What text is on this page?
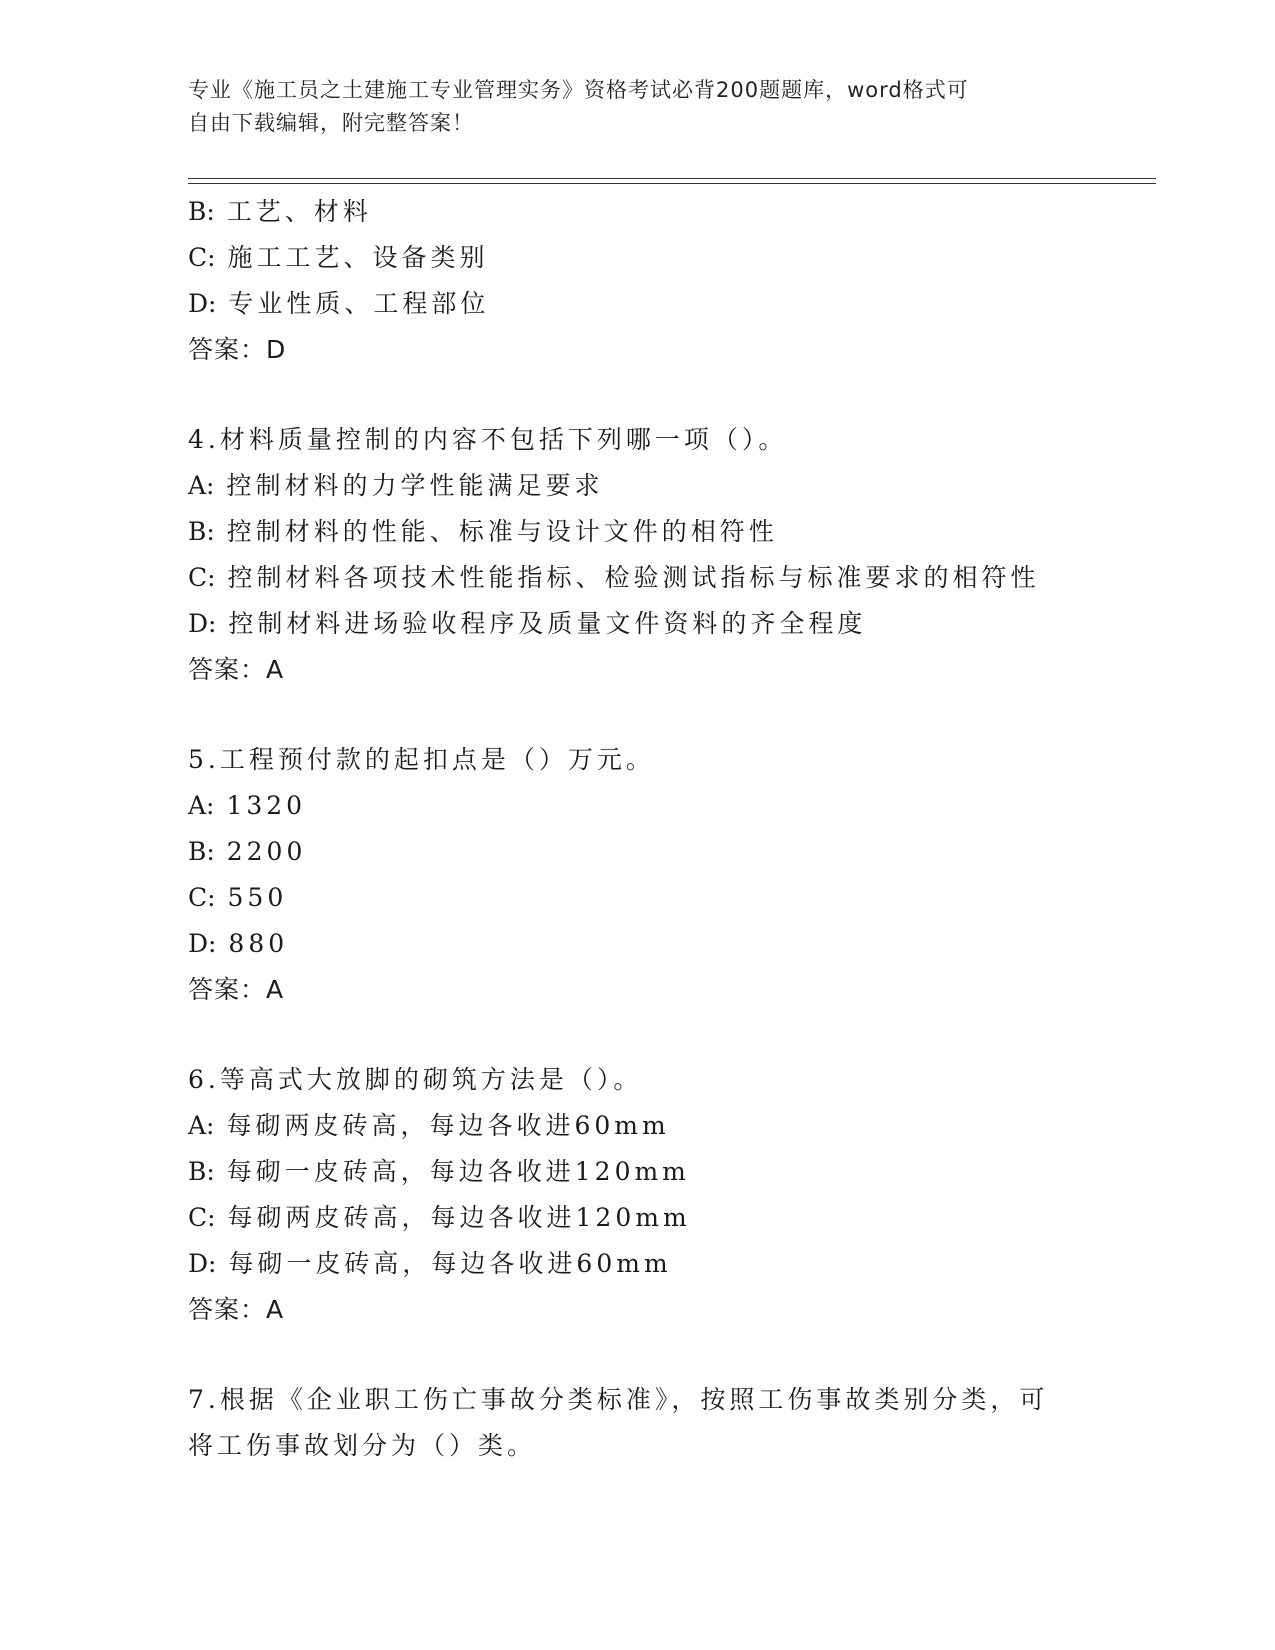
专业《施工员之土建施工专业管理实务》资格考试必背200题题库，word格式可
自由下载编辑，附完整答案！
B: 工艺、材料
C: 施工工艺、设备类别
D: 专业性质、工程部位
答案：D
4.材料质量控制的内容不包括下列哪一项（）。
A: 控制材料的力学性能满足要求
B: 控制材料的性能、标准与设计文件的相符性
C: 控制材料各项技术性能指标、检验测试指标与标准要求的相符性
D: 控制材料进场验收程序及质量文件资料的齐全程度
答案：A
5.工程预付款的起扣点是（）万元。
A: 1320
B: 2200
C: 550
D: 880
答案：A
6.等高式大放脚的砌筑方法是（）。
A: 每砌两皮砖高，每边各收进60mm
B: 每砌一皮砖高，每边各收进120mm
C: 每砌两皮砖高，每边各收进120mm
D: 每砌一皮砖高，每边各收进60mm
答案：A
7.根据《企业职工伤亡事故分类标准》，按照工伤事故类别分类，可
将工伤事故划分为（）类。
